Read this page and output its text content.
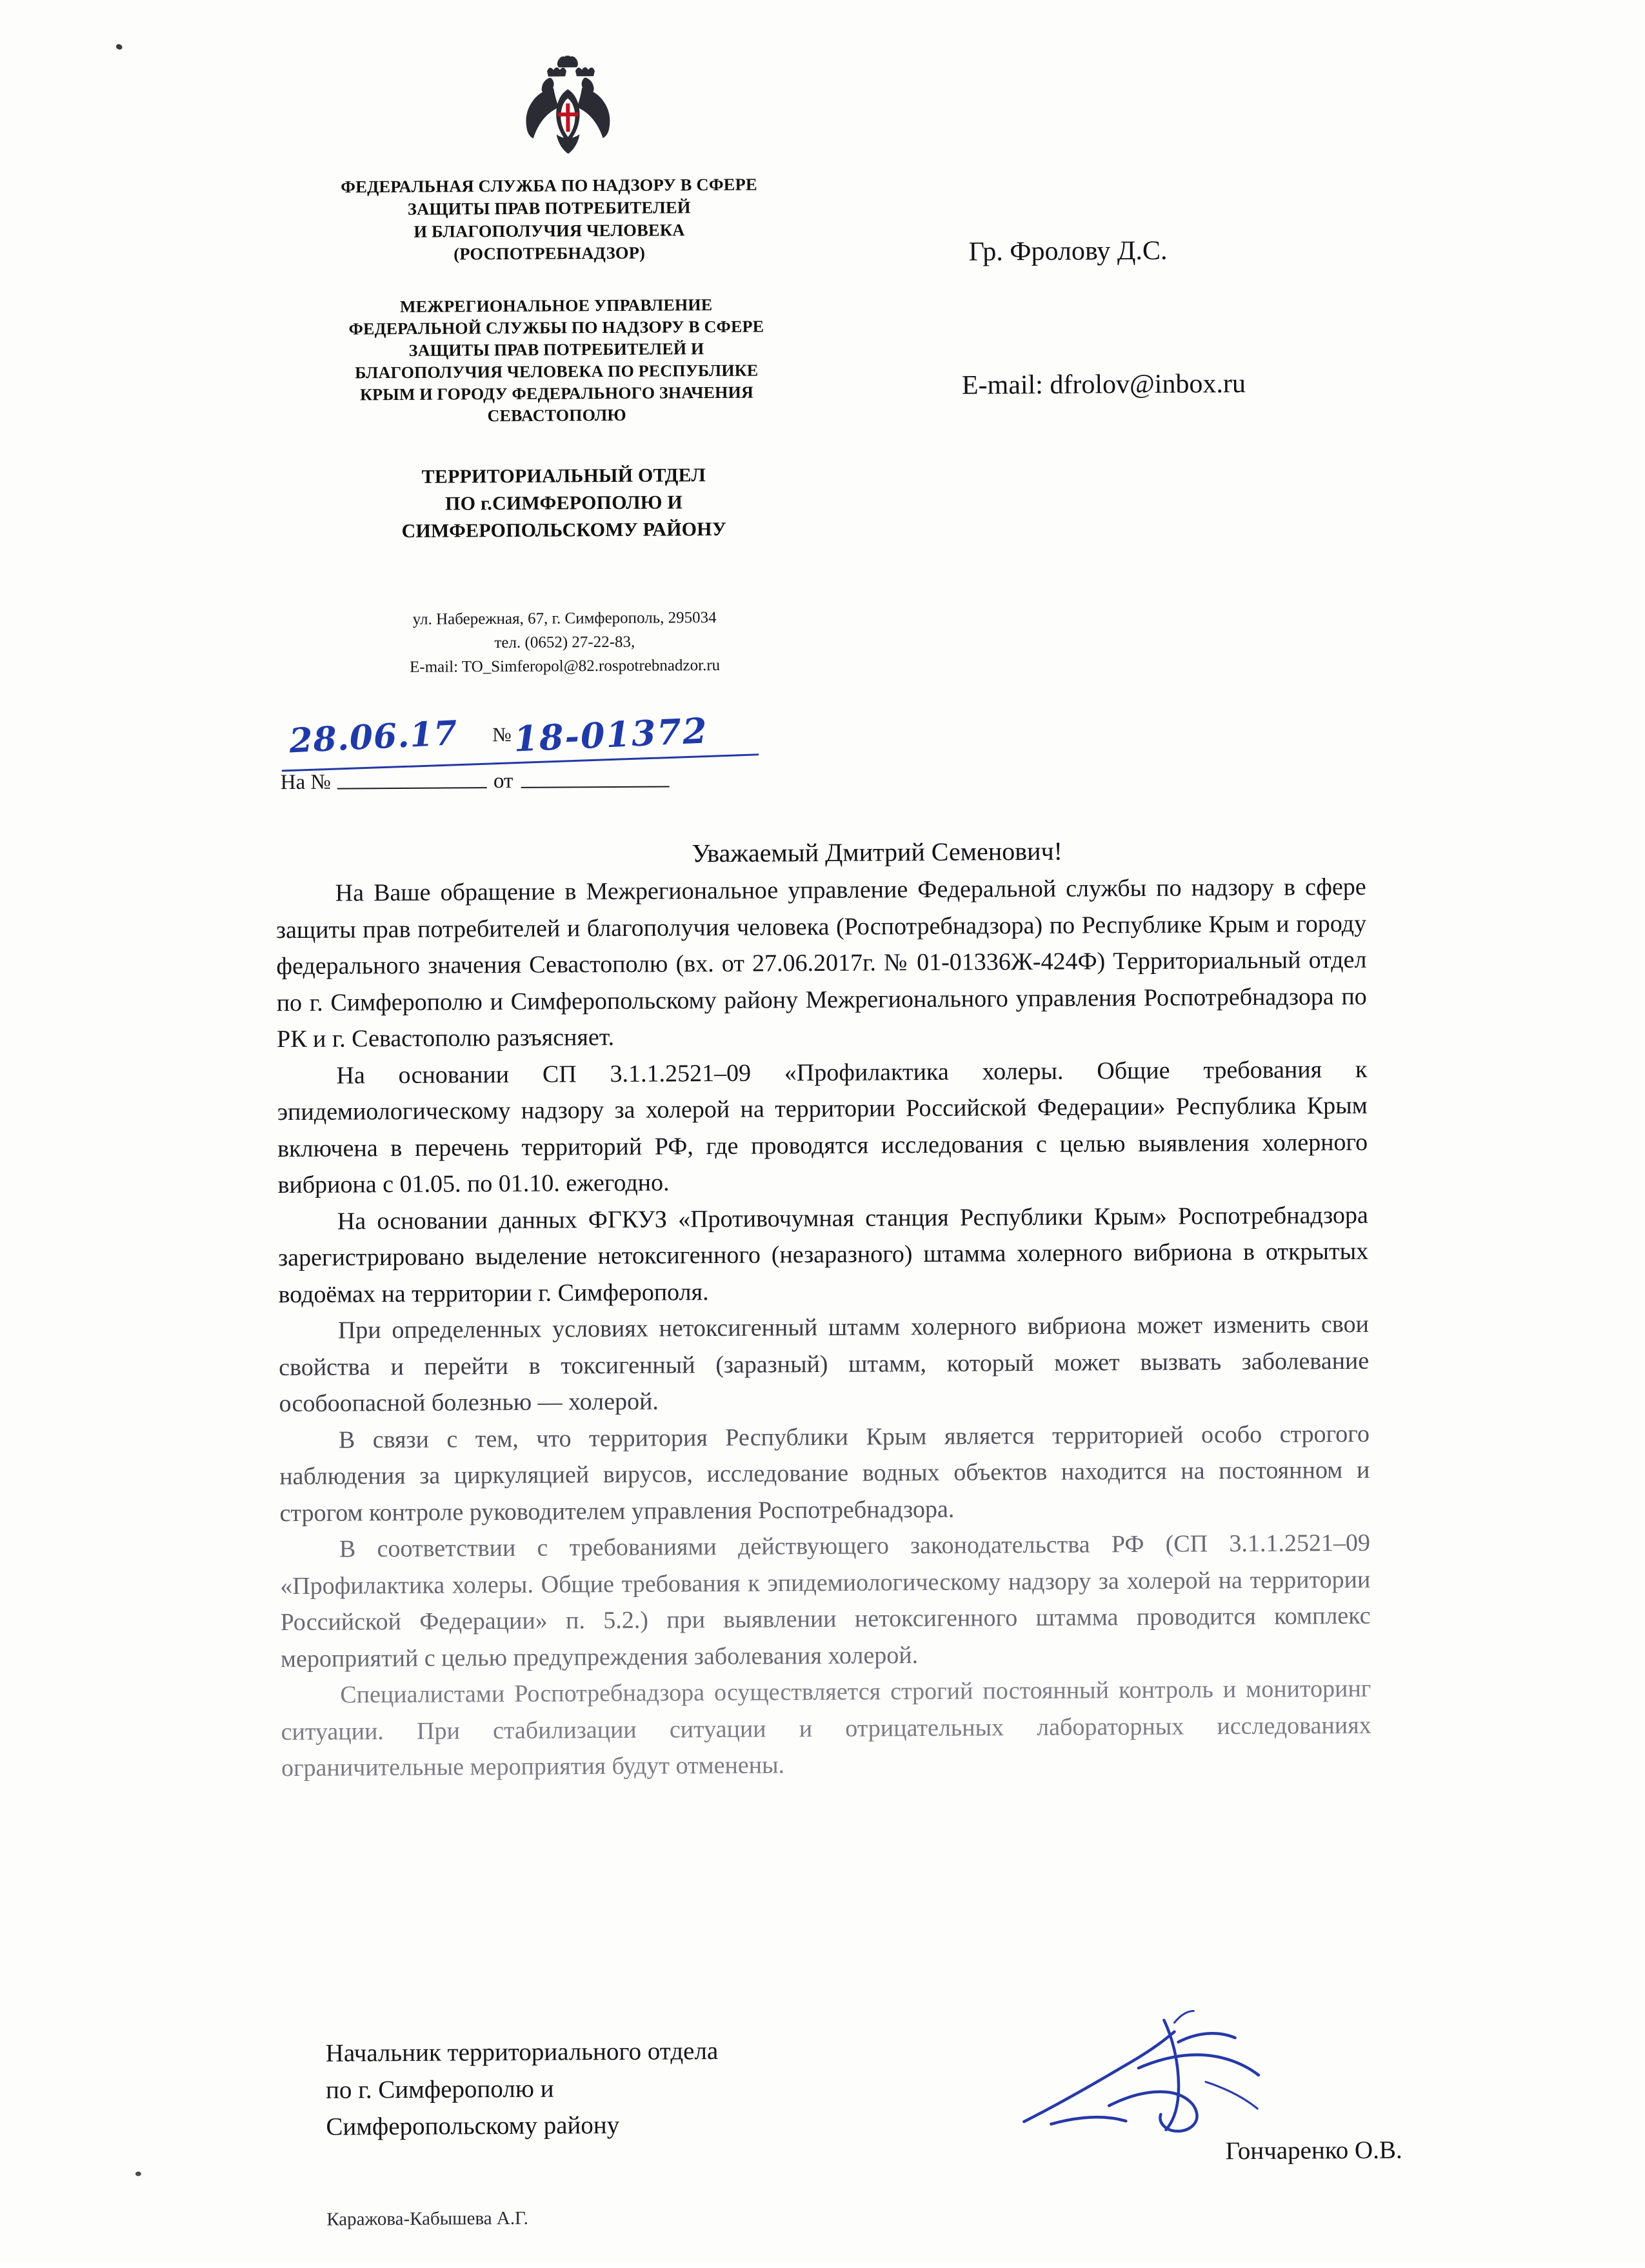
ФЕДЕРАЛЬНАЯ СЛУЖБА ПО НАДЗОРУ В СФЕРЕ
ЗАЩИТЫ ПРАВ ПОТРЕБИТЕЛЕЙ
И БЛАГОПОЛУЧИЯ ЧЕЛОВЕКА
(РОСПОТРЕБНАДЗОР)
МЕЖРЕГИОНАЛЬНОЕ УПРАВЛЕНИЕ
ФЕДЕРАЛЬНОЙ СЛУЖБЫ ПО НАДЗОРУ В СФЕРЕ
ЗАЩИТЫ ПРАВ ПОТРЕБИТЕЛЕЙ И
БЛАГОПОЛУЧИЯ ЧЕЛОВЕКА ПО РЕСПУБЛИКЕ
КРЫМ И ГОРОДУ ФЕДЕРАЛЬНОГО ЗНАЧЕНИЯ
СЕВАСТОПОЛЮ
ТЕРРИТОРИАЛЬНЫЙ ОТДЕЛ
ПО г.СИМФЕРОПОЛЮ И
СИМФЕРОПОЛЬСКОМУ РАЙОНУ
ул. Набережная, 67, г. Симферополь, 295034
тел. (0652) 27-22-83,
E-mail: TO_Simferopol@82.rospotrebnadzor.ru
Гр. Фролову Д.С.
E-mail: dfrolov@inbox.ru
28.06.17 № 18-01372
На №	от
Уважаемый Дмитрий Семенович!

На Ваше обращение в Межрегиональное управление Федеральной службы по надзору в сфере защиты прав потребителей и благополучия человека (Роспотребнадзора) по Республике Крым и городу федерального значения Севастополю (вх. от 27.06.2017г. № 01-01336Ж-424Ф) Территориальный отдел по г. Симферополю и Симферопольскому району Межрегионального управления Роспотребнадзора по РК и г. Севастополю разъясняет.

На основании СП 3.1.1.2521–09 «Профилактика холеры. Общие требования к эпидемиологическому надзору за холерой на территории Российской Федерации» Республика Крым включена в перечень территорий РФ, где проводятся исследования с целью выявления холерного вибриона с 01.05. по 01.10. ежегодно.

На основании данных ФГКУЗ «Противочумная станция Республики Крым» Роспотребнадзора зарегистрировано выделение нетоксигенного (незаразного) штамма холерного вибриона в открытых водоёмах на территории г. Симферополя.

При определенных условиях нетоксигенный штамм холерного вибриона может изменить свои свойства и перейти в токсигенный (заразный) штамм, который может вызвать заболевание особоопасной болезнью — холерой.

В связи с тем, что территория Республики Крым является территорией особо строгого наблюдения за циркуляцией вирусов, исследование водных объектов находится на постоянном и строгом контроле руководителем управления Роспотребнадзора.

В соответствии с требованиями действующего законодательства РФ (СП 3.1.1.2521–09 «Профилактика холеры. Общие требования к эпидемиологическому надзору за холерой на территории Российской Федерации» п. 5.2.) при выявлении нетоксигенного штамма проводится комплекс мероприятий с целью предупреждения заболевания холерой.

Специалистами Роспотребнадзора осуществляется строгий постоянный контроль и мониторинг ситуации. При стабилизации ситуации и отрицательных лабораторных исследованиях ограничительные мероприятия будут отменены.

Начальник территориального отдела
по г. Симферополю и
Симферопольскому району
Гончаренко О.В.
Каражова-Кабышева А.Г.
